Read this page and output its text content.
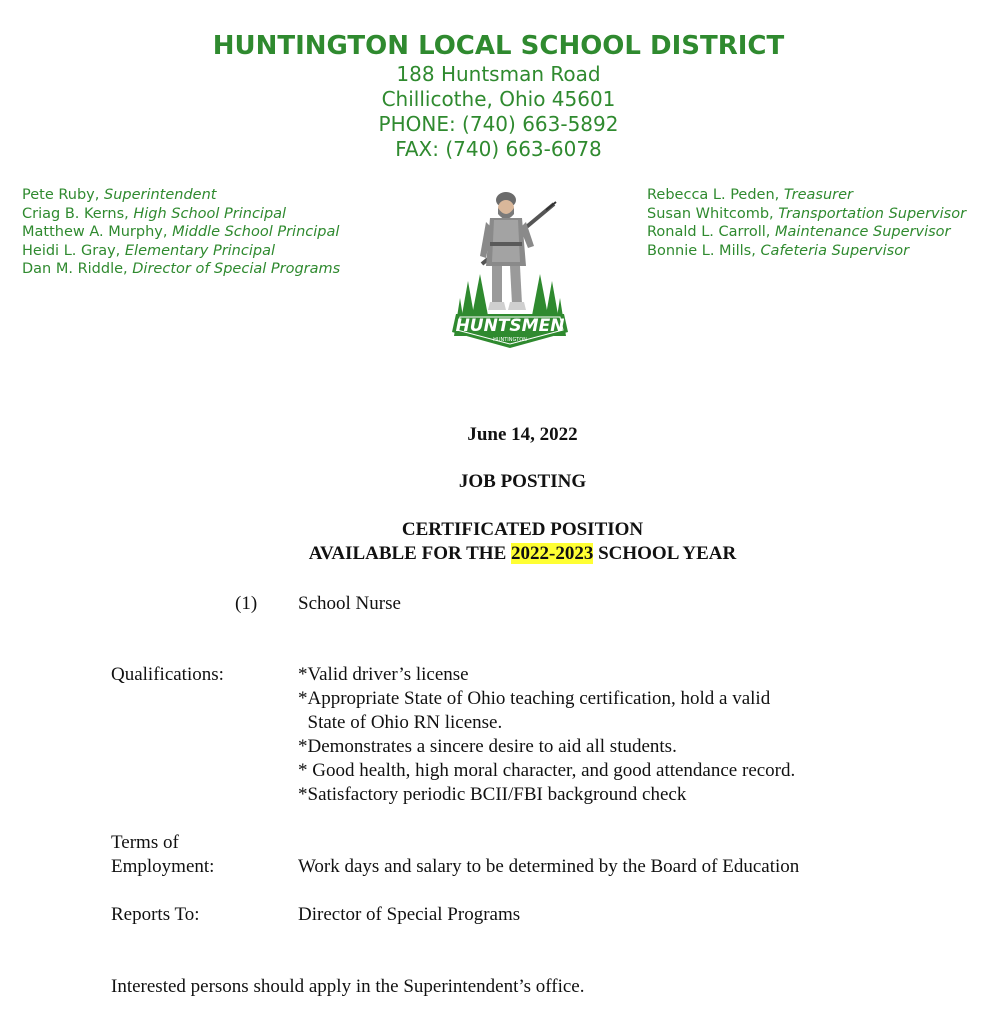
HUNTINGTON LOCAL SCHOOL DISTRICT
188 Huntsman Road
Chillicothe, Ohio 45601
PHONE: (740) 663-5892
FAX: (740) 663-6078
Pete Ruby, Superintendent
Criag B. Kerns, High School Principal
Matthew A. Murphy, Middle School Principal
Heidi L. Gray, Elementary Principal
Dan M. Riddle, Director of Special Programs
Rebecca L. Peden, Treasurer
Susan Whitcomb, Transportation Supervisor
Ronald L. Carroll, Maintenance Supervisor
Bonnie L. Mills, Cafeteria Supervisor
HUNTSMEN
HUNTINGTON
June 14, 2022
JOB POSTING
CERTIFICATED POSITION
AVAILABLE FOR THE 2022-2023 SCHOOL YEAR
(1) School Nurse
Qualifications:	*Valid driver’s license
*Appropriate State of Ohio teaching certification, hold a valid
State of Ohio RN license.
*Demonstrates a sincere desire to aid all students.
* Good health, high moral character, and good attendance record.
*Satisfactory periodic BCII/FBI background check
Terms of
Employment:	Work days and salary to be determined by the Board of Education
Reports To:	Director of Special Programs
Interested persons should apply in the Superintendent’s office.
